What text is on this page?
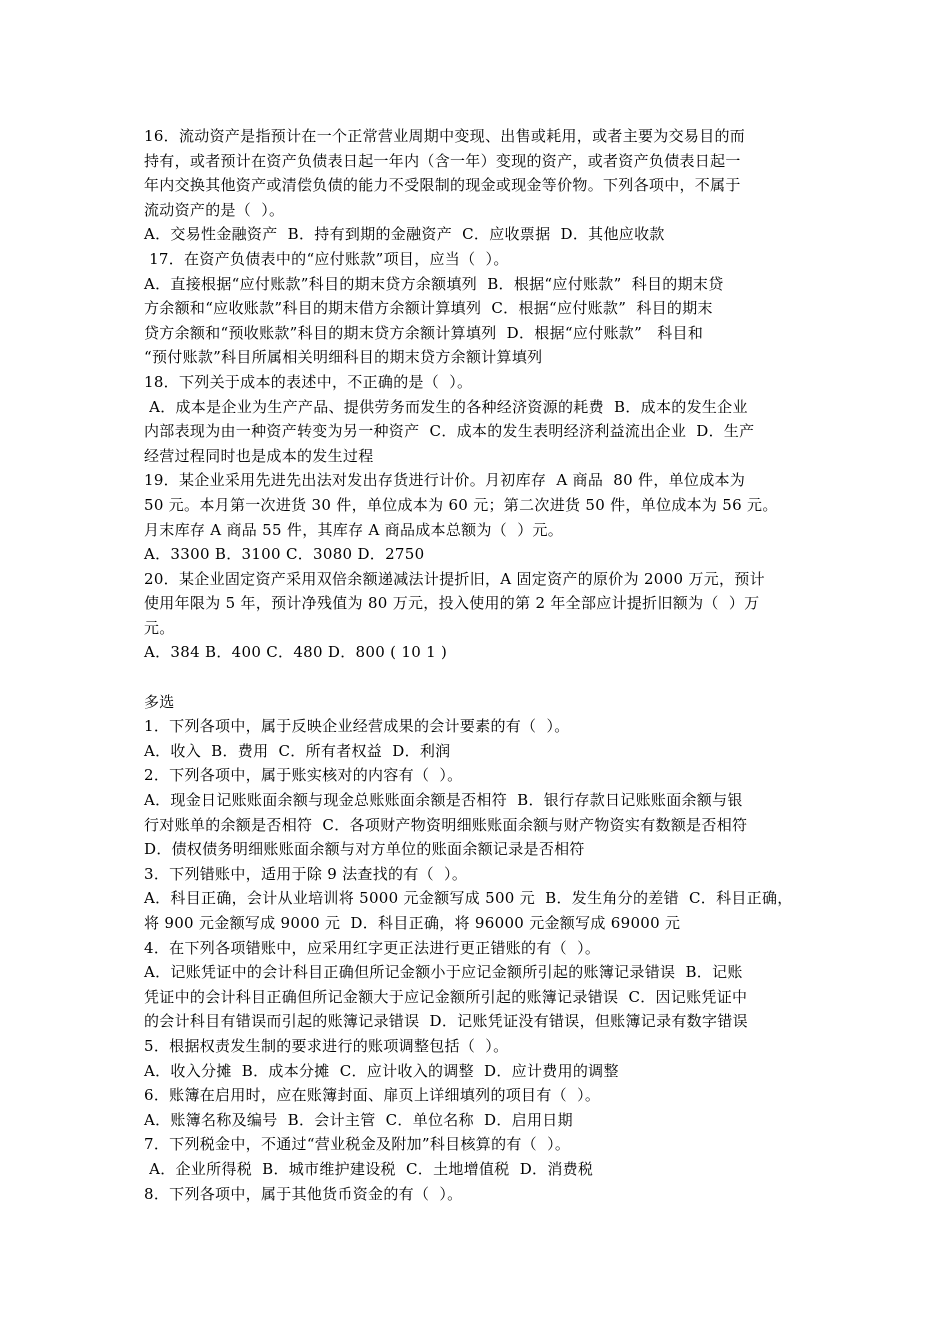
16．流动资产是指预计在一个正常营业周期中变现、出售或耗用，或者主要为交易目的而
持有，或者预计在资产负债表日起一年内（含一年）变现的资产，或者资产负债表日起一
年内交换其他资产或清偿负债的能力不受限制的现金或现金等价物。下列各项中，不属于
流动资产的是（  ）。
A．交易性金融资产  B．持有到期的金融资产  C．应收票据  D．其他应收款
17．在资产负债表中的“应付账款”项目，应当（  ）。
A．直接根据“应付账款”科目的期末贷方余额填列  B．根据“应付账款”  科目的期末贷
方余额和“应收账款”科目的期末借方余额计算填列  C．根据“应付账款”  科目的期末
贷方余额和“预收账款”科目的期末贷方余额计算填列  D．根据“应付账款”   科目和
“预付账款”科目所属相关明细科目的期末贷方余额计算填列
18．下列关于成本的表述中，不正确的是（  ）。
A．成本是企业为生产产品、提供劳务而发生的各种经济资源的耗费  B．成本的发生企业
内部表现为由一种资产转变为另一种资产  C．成本的发生表明经济利益流出企业  D．生产
经营过程同时也是成本的发生过程
19．某企业采用先进先出法对发出存货进行计价。月初库存  A 商品  80 件，单位成本为
50 元。本月第一次进货 30 件，单位成本为 60 元；第二次进货 50 件，单位成本为 56 元。
月末库存 A 商品 55 件，其库存 A 商品成本总额为（  ）元。
A．3300 B．3100 C．3080 D．2750
20．某企业固定资产采用双倍余额递减法计提折旧，A 固定资产的原价为 2000 万元，预计
使用年限为 5 年，预计净残值为 80 万元，投入使用的第 2 年全部应计提折旧额为（  ）万
元。
A．384 B．400 C．480 D．800 ( 10 1 )
多选
1．下列各项中，属于反映企业经营成果的会计要素的有（  ）。
A．收入  B．费用  C．所有者权益  D．利润
2．下列各项中，属于账实核对的内容有（  ）。
A．现金日记账账面余额与现金总账账面余额是否相符  B．银行存款日记账账面余额与银
行对账单的余额是否相符  C．各项财产物资明细账账面余额与财产物资实有数额是否相符
D．债权债务明细账账面余额与对方单位的账面余额记录是否相符
3．下列错账中，适用于除 9 法查找的有（  ）。
A．科目正确，会计从业培训将 5000 元金额写成 500 元  B．发生角分的差错  C．科目正确，
将 900 元金额写成 9000 元  D．科目正确，将 96000 元金额写成 69000 元
4．在下列各项错账中，应采用红字更正法进行更正错账的有（  ）。
A．记账凭证中的会计科目正确但所记金额小于应记金额所引起的账簿记录错误  B．记账
凭证中的会计科目正确但所记金额大于应记金额所引起的账簿记录错误  C．因记账凭证中
的会计科目有错误而引起的账簿记录错误  D．记账凭证没有错误，但账簿记录有数字错误
5．根据权责发生制的要求进行的账项调整包括（  ）。
A．收入分摊  B．成本分摊  C．应计收入的调整  D．应计费用的调整
6．账簿在启用时，应在账簿封面、扉页上详细填列的项目有（  ）。
A．账簿名称及编号  B．会计主管  C．单位名称  D．启用日期
7．下列税金中，不通过“营业税金及附加”科目核算的有（  ）。
A．企业所得税  B．城市维护建设税  C．土地增值税  D．消费税
8．下列各项中，属于其他货币资金的有（  ）。
